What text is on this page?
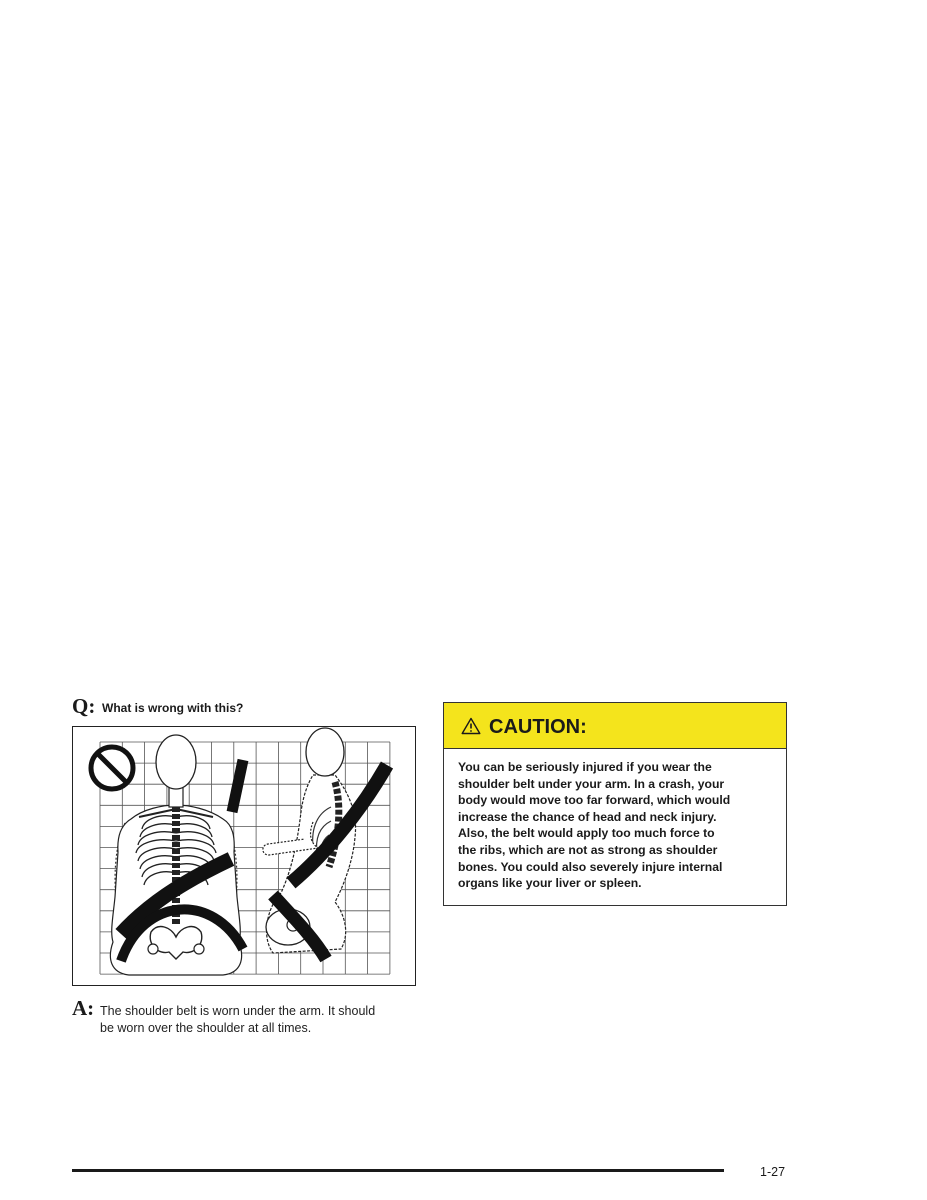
Q: What is wrong with this?
A: The shoulder belt is worn under the arm. It should
be worn over the shoulder at all times.
CAUTION:
You can be seriously injured if you wear the
shoulder belt under your arm. In a crash, your
body would move too far forward, which would
increase the chance of head and neck injury.
Also, the belt would apply too much force to
the ribs, which are not as strong as shoulder
bones. You could also severely injure internal
organs like your liver or spleen.
1-27
